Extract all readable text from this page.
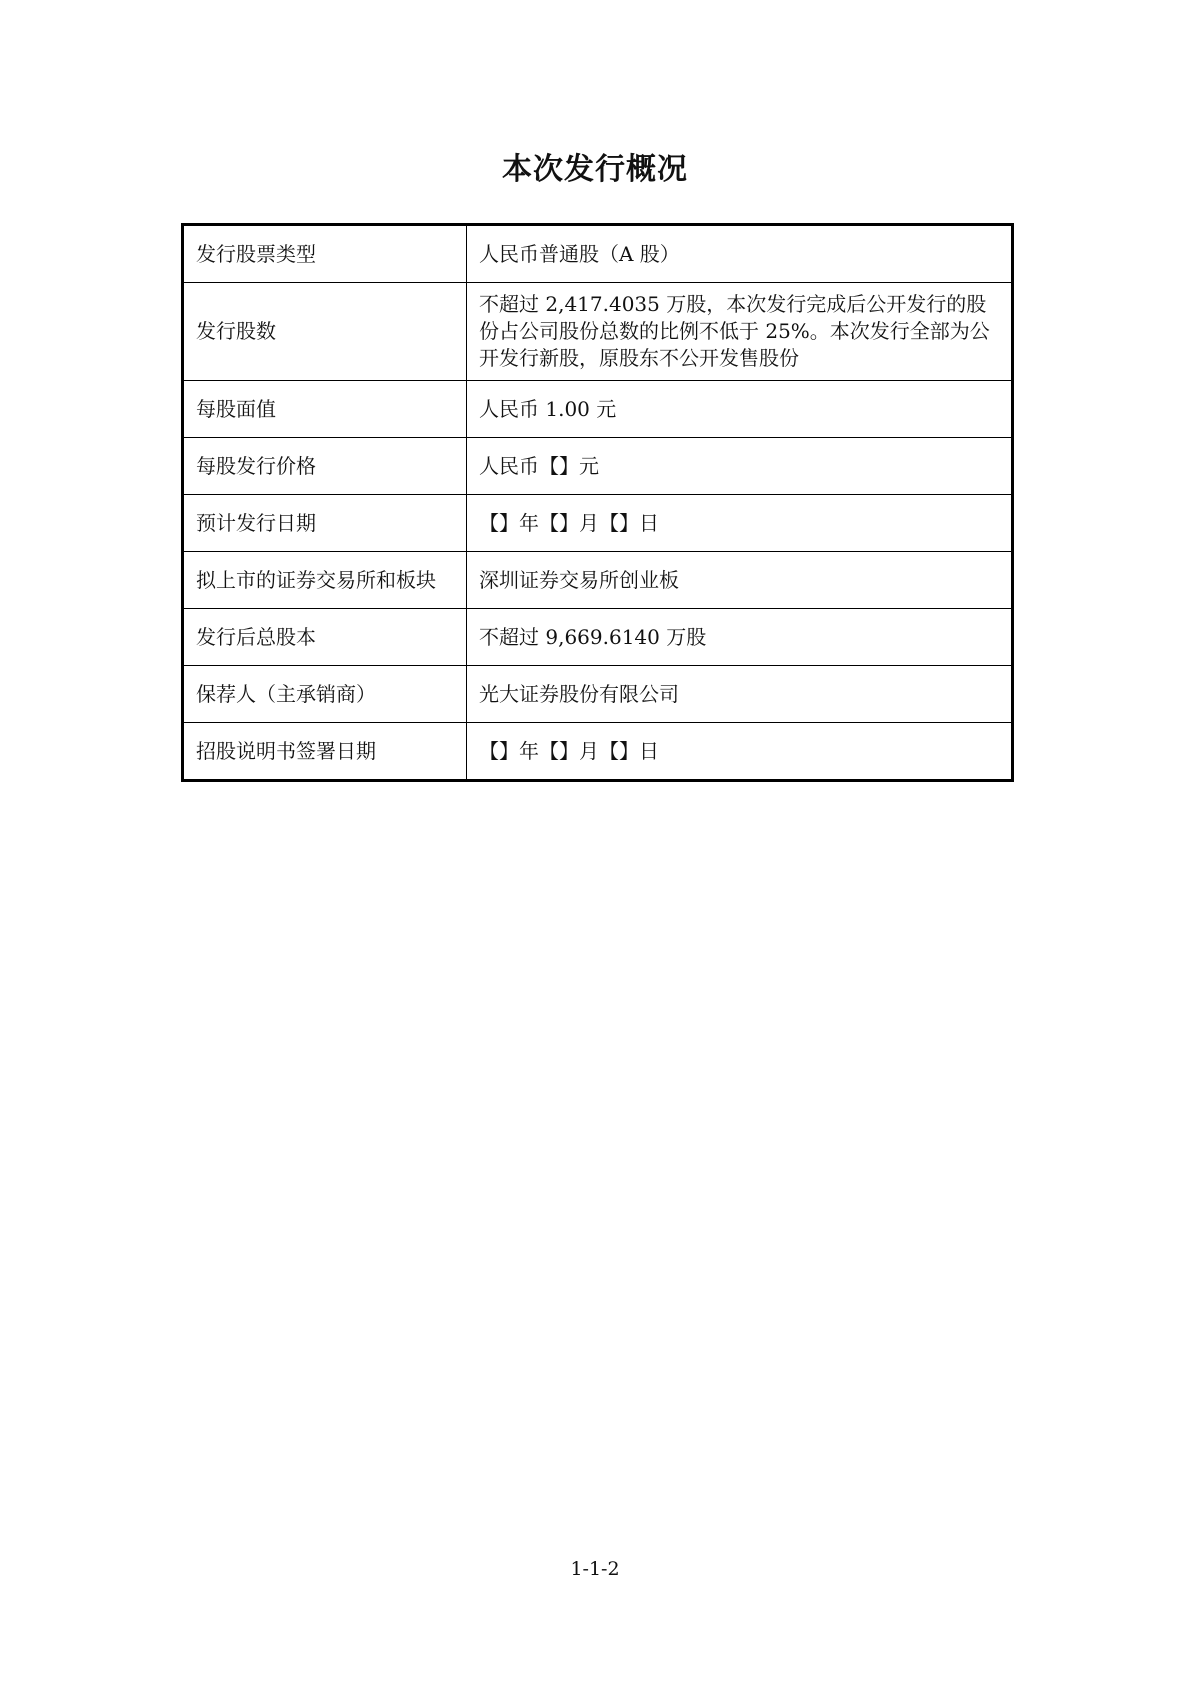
本次发行概况
发行股票类型	人民币普通股（A 股）
发行股数	不超过 2,417.4035 万股，本次发行完成后公开发行的股份占公司股份总数的比例不低于 25%。本次发行全部为公开发行新股，原股东不公开发售股份
每股面值	人民币 1.00 元
每股发行价格	人民币【】元
预计发行日期	【】年【】月【】日
拟上市的证券交易所和板块	深圳证券交易所创业板
发行后总股本	不超过 9,669.6140 万股
保荐人（主承销商）	光大证券股份有限公司
招股说明书签署日期	【】年【】月【】日
1-1-2
